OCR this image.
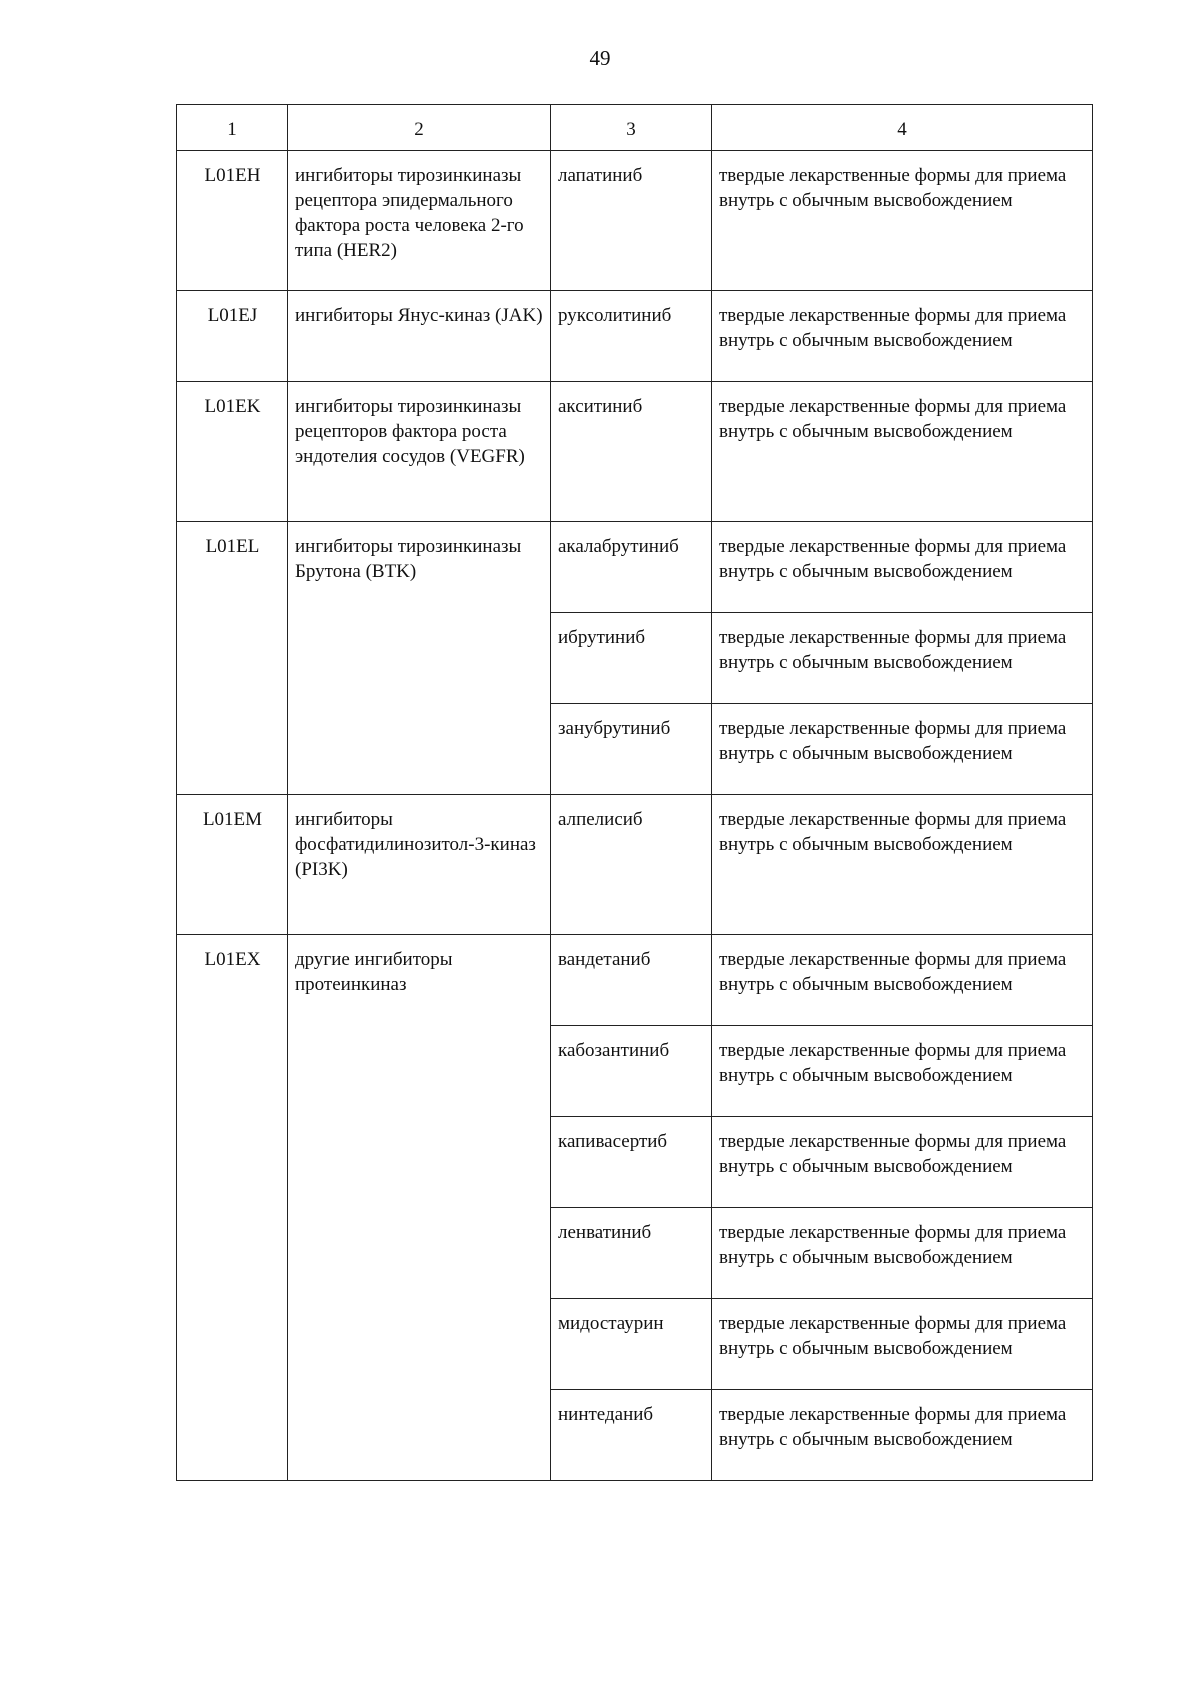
49
1	2	3	4
L01EH	ингибиторы тирозинкиназы рецептора эпидермального фактора роста человека 2-го типа (HER2)	лапатиниб	твердые лекарственные формы для приема внутрь с обычным высвобождением
L01EJ	ингибиторы Янус-киназ (JAK)	руксолитиниб	твердые лекарственные формы для приема внутрь с обычным высвобождением
L01EK	ингибиторы тирозинкиназы рецепторов фактора роста эндотелия сосудов (VEGFR)	акситиниб	твердые лекарственные формы для приема внутрь с обычным высвобождением
L01EL	ингибиторы тирозинкиназы Брутона (BTK)	акалабрутиниб	твердые лекарственные формы для приема внутрь с обычным высвобождением
		ибрутиниб	твердые лекарственные формы для приема внутрь с обычным высвобождением
		занубрутиниб	твердые лекарственные формы для приема внутрь с обычным высвобождением
L01EM	ингибиторы фосфатидилинозитол-3-киназ (PI3K)	алпелисиб	твердые лекарственные формы для приема внутрь с обычным высвобождением
L01EX	другие ингибиторы протеинкиназ	вандетаниб	твердые лекарственные формы для приема внутрь с обычным высвобождением
		кабозантиниб	твердые лекарственные формы для приема внутрь с обычным высвобождением
		капивасертиб	твердые лекарственные формы для приема внутрь с обычным высвобождением
		ленватиниб	твердые лекарственные формы для приема внутрь с обычным высвобождением
		мидостаурин	твердые лекарственные формы для приема внутрь с обычным высвобождением
		нинтеданиб	твердые лекарственные формы для приема внутрь с обычным высвобождением
